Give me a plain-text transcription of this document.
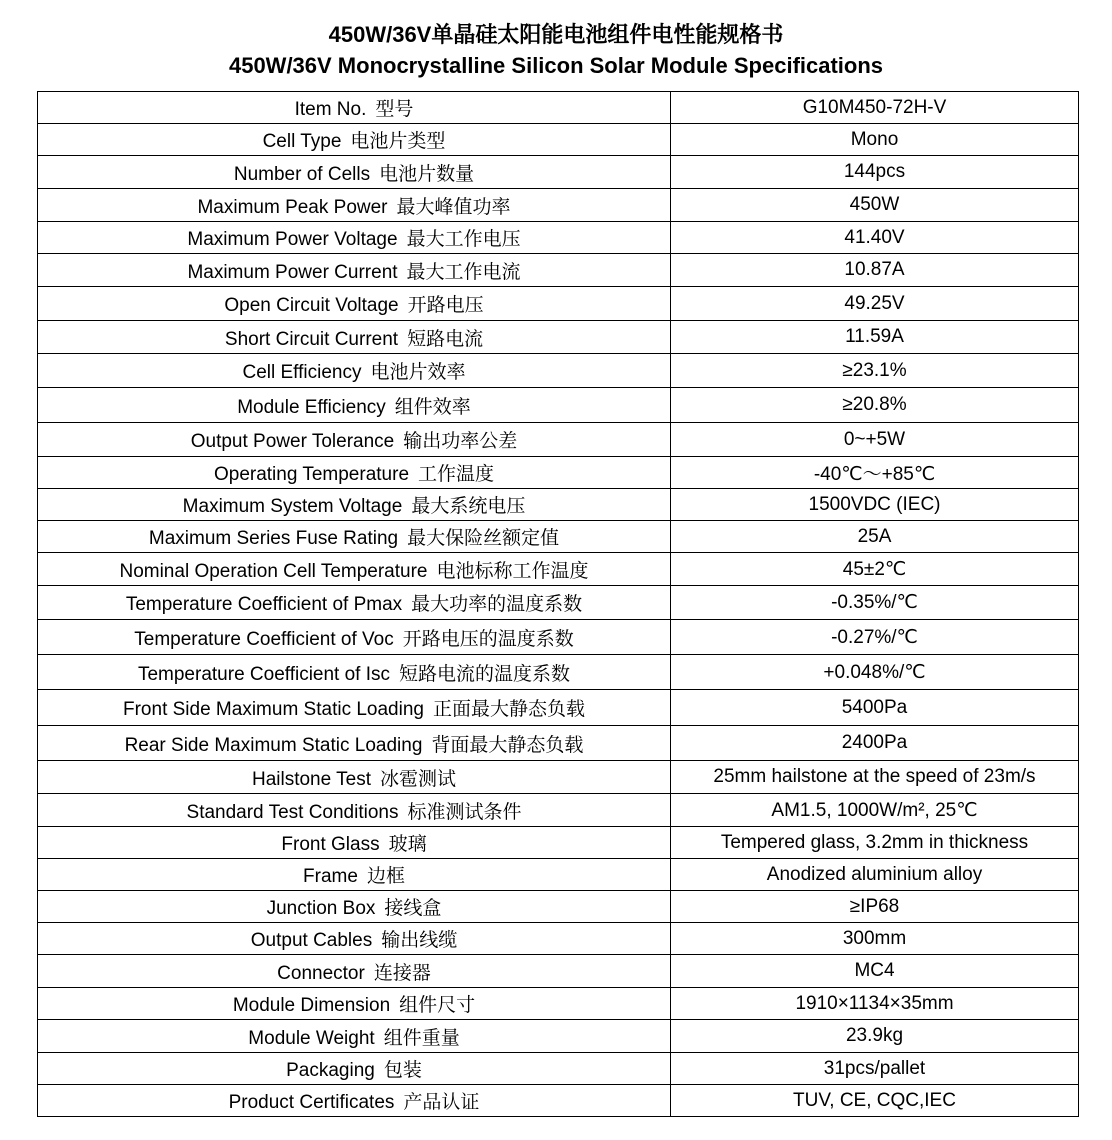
450W/36V单晶硅太阳能电池组件电性能规格书
450W/36V Monocrystalline Silicon Solar Module Specifications
Item No. 型号	G10M450-72H-V
Cell Type 电池片类型	Mono
Number of Cells 电池片数量	144pcs
Maximum Peak Power 最大峰值功率	450W
Maximum Power Voltage 最大工作电压	41.40V
Maximum Power Current 最大工作电流	10.87A
Open Circuit Voltage 开路电压	49.25V
Short Circuit Current 短路电流	11.59A
Cell Efficiency 电池片效率	≥23.1%
Module Efficiency 组件效率	≥20.8%
Output Power Tolerance 输出功率公差	0~+5W
Operating Temperature 工作温度	-40℃～+85℃
Maximum System Voltage 最大系统电压	1500VDC (IEC)
Maximum Series Fuse Rating 最大保险丝额定值	25A
Nominal Operation Cell Temperature 电池标称工作温度	45±2℃
Temperature Coefficient of Pmax 最大功率的温度系数	-0.35%/℃
Temperature Coefficient of Voc 开路电压的温度系数	-0.27%/℃
Temperature Coefficient of Isc 短路电流的温度系数	+0.048%/℃
Front Side Maximum Static Loading 正面最大静态负载	5400Pa
Rear Side Maximum Static Loading 背面最大静态负载	2400Pa
Hailstone Test 冰雹测试	25mm hailstone at the speed of 23m/s
Standard Test Conditions 标准测试条件	AM1.5, 1000W/m², 25℃
Front Glass 玻璃	Tempered glass, 3.2mm in thickness
Frame 边框	Anodized aluminium alloy
Junction Box 接线盒	≥IP68
Output Cables 输出线缆	300mm
Connector 连接器	MC4
Module Dimension 组件尺寸	1910×1134×35mm
Module Weight 组件重量	23.9kg
Packaging 包装	31pcs/pallet
Product Certificates 产品认证	TUV, CE, CQC,IEC
